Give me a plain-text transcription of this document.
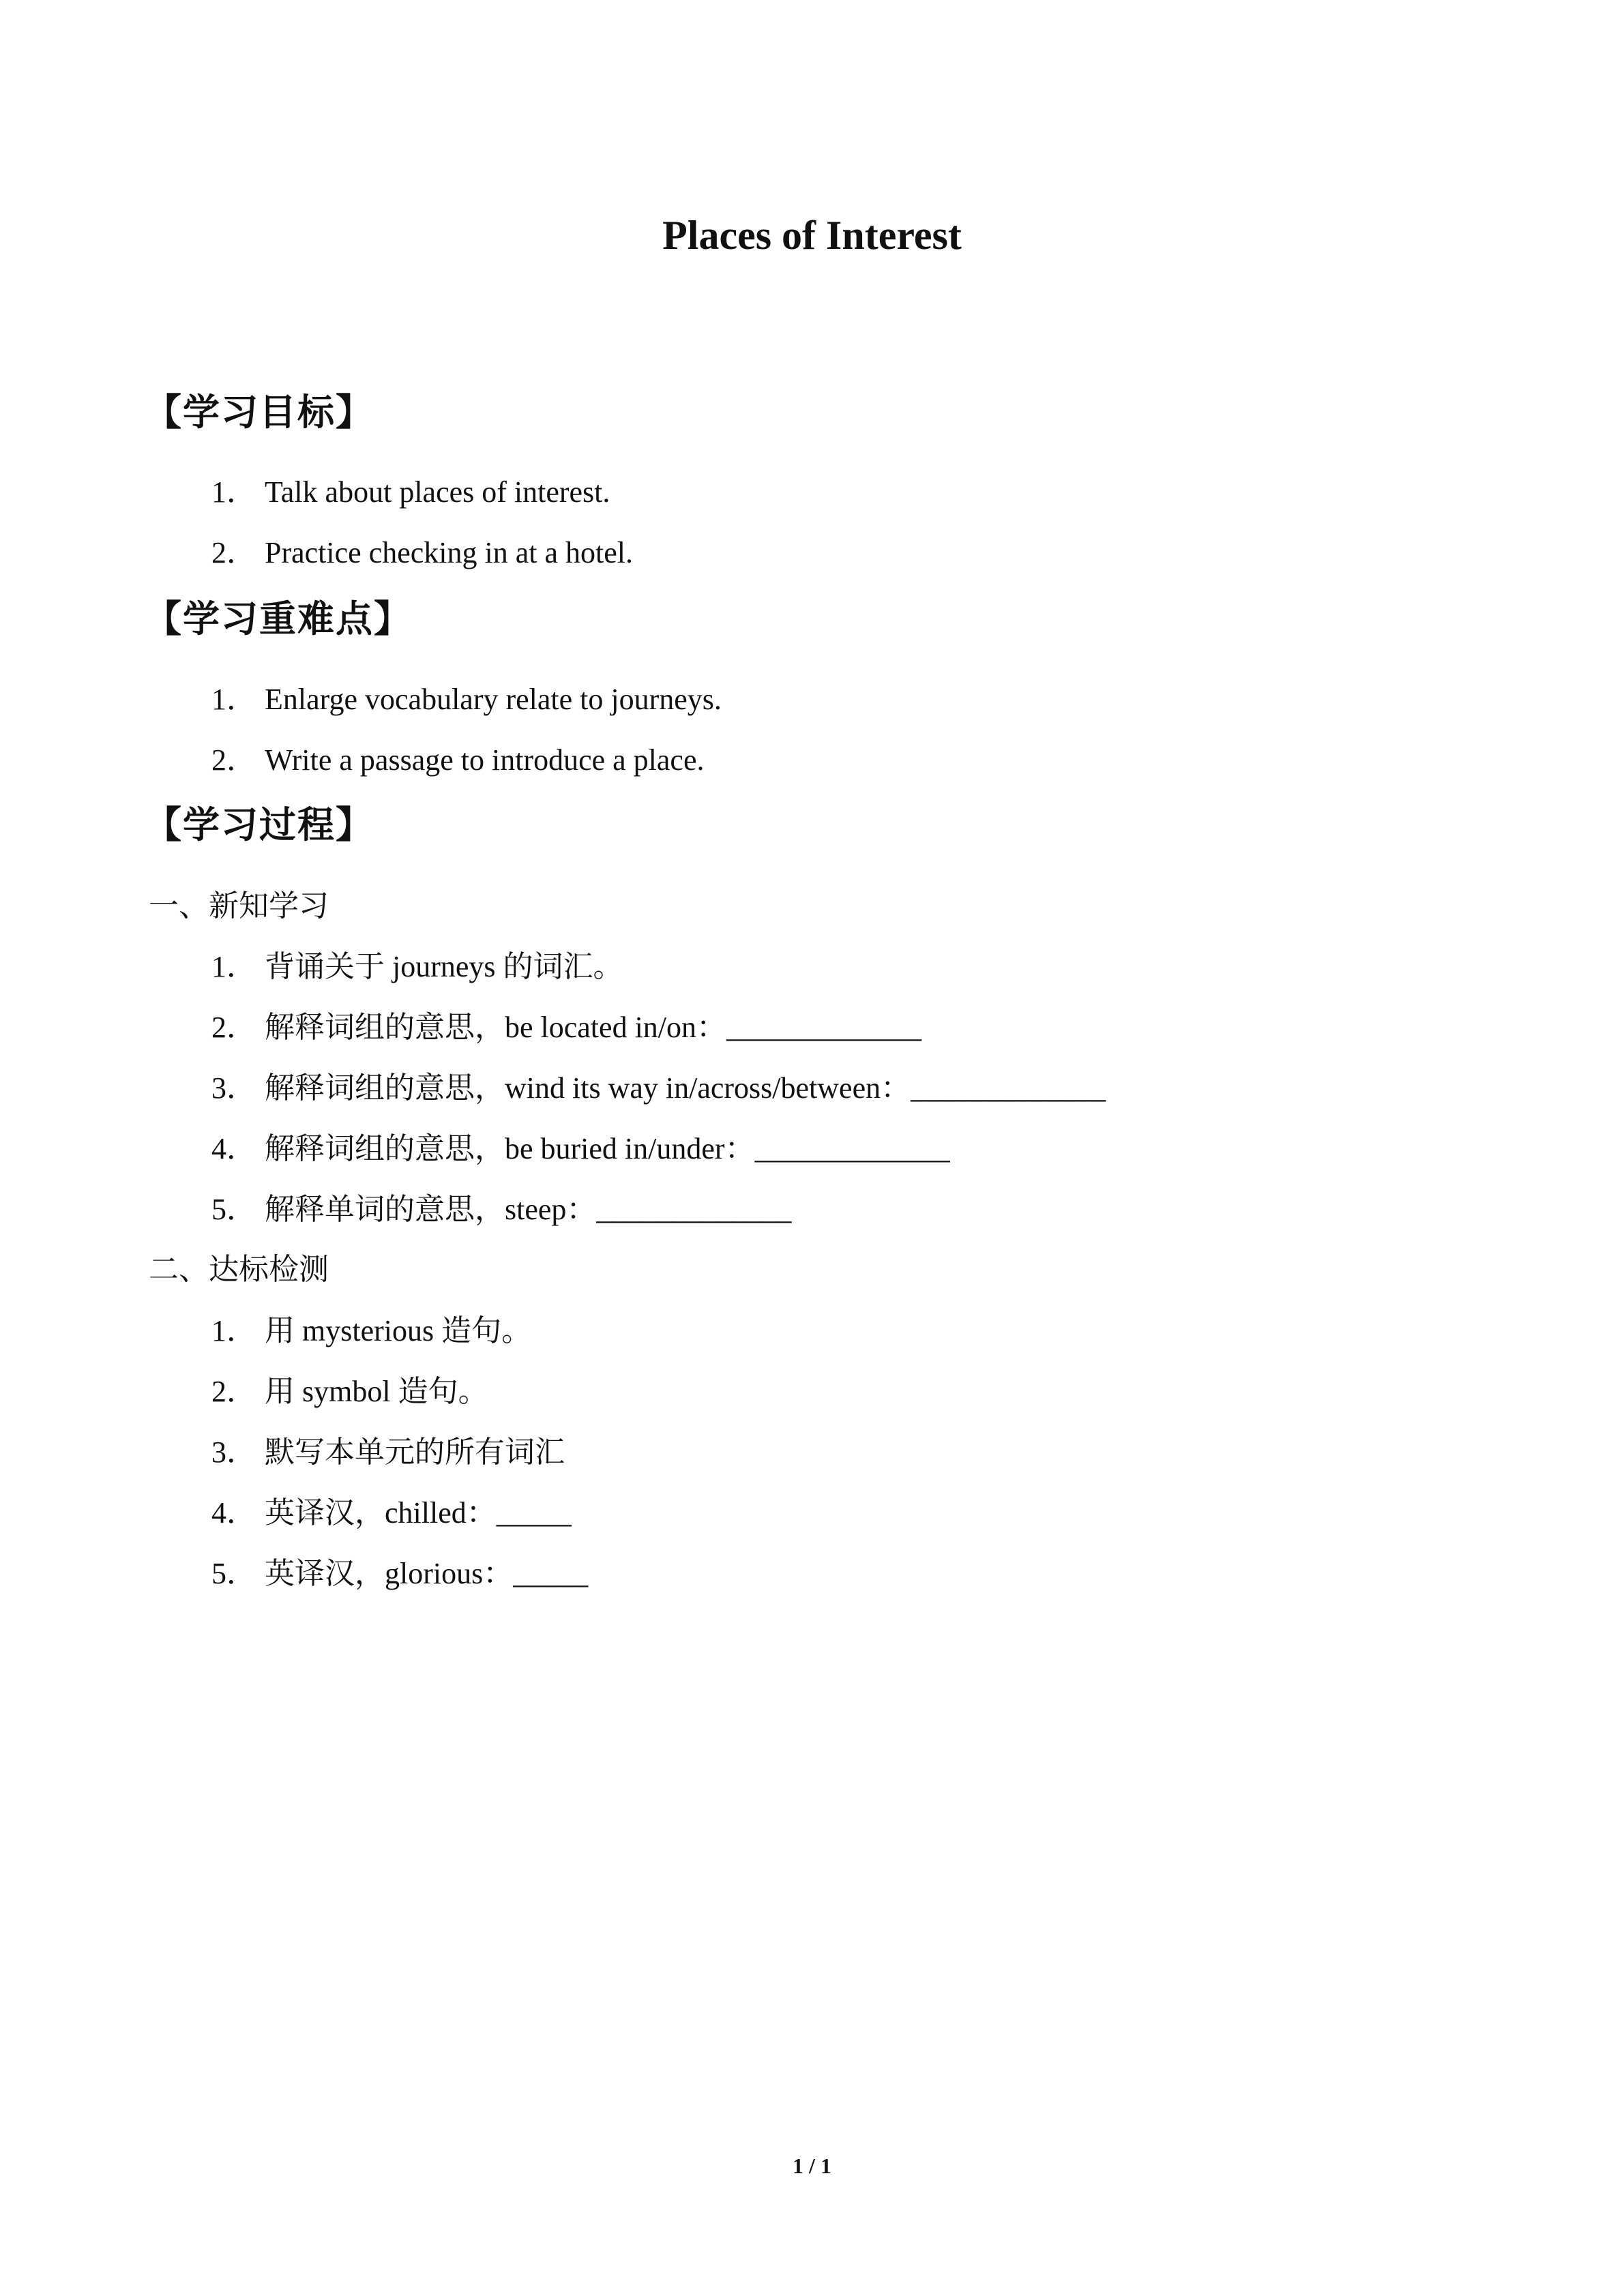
Places of Interest
【学习目标】
1． Talk about places of interest.
2． Practice checking in at a hotel.
【学习重难点】
1． Enlarge vocabulary relate to journeys.
2． Write a passage to introduce a place.
【学习过程】
一、新知学习
1． 背诵关于 journeys 的词汇。
2． 解释词组的意思，be located in/on：_____________
3． 解释词组的意思，wind its way in/across/between：_____________
4． 解释词组的意思，be buried in/under：_____________
5． 解释单词的意思，steep：_____________
二、达标检测
1． 用 mysterious 造句。
2． 用 symbol 造句。
3． 默写本单元的所有词汇
4． 英译汉，chilled：_____
5． 英译汉，glorious：_____
1 / 1
